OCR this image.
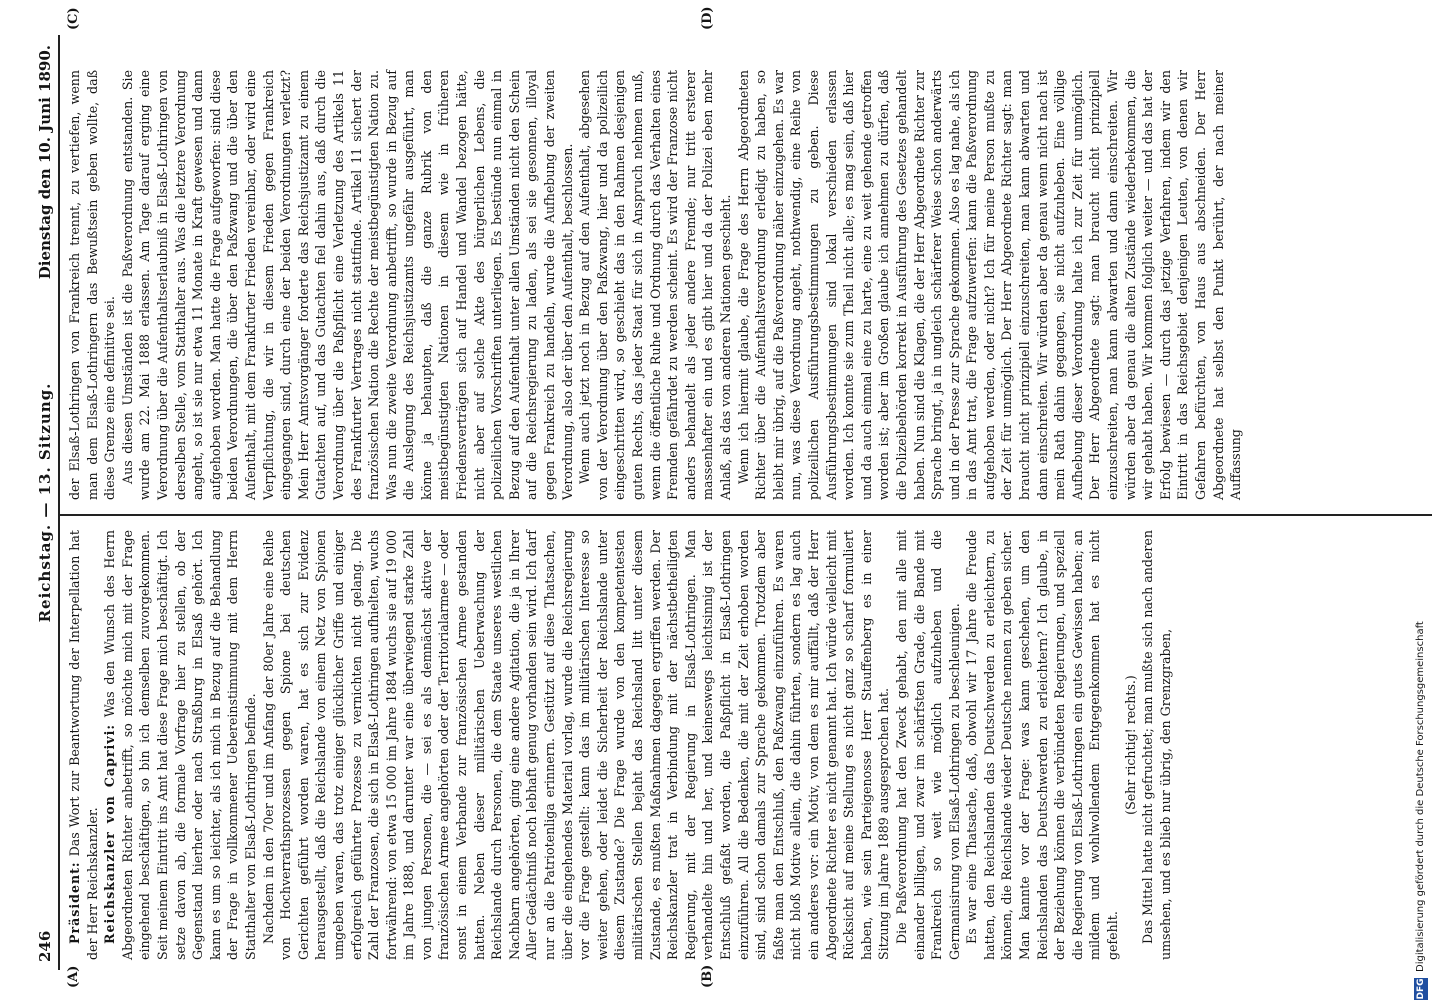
246
Reichstag. — 13. Sitzung.
Dienstag den 10. Juni 1890.
(A)	(B)
(C)	(D)

Präsident: Das Wort zur Beantwortung der Interpellation hat der Herr Reichskanzler. Reichskanzler von Caprivi: Was den Wunsch des Herrn Abgeordneten Richter anbetrifft, so möchte mich mit der Frage eingehend beschäftigen, so bin ich demselben zuvorgekommen. Seit meinem Eintritt ins Amt hat diese Frage mich beschäftigt. Ich setze davon ab, die formale Vorfrage hier zu stellen, ob der Gegenstand hierher oder nach Straßburg in Elsaß gehört. Ich kann es um so leichter, als ich mich in Bezug auf die Behandlung der Frage in vollkommener Uebereinstimmung mit dem Herrn Statthalter von Elsaß-Lothringen befinde. Nachdem in den 70er und im Anfang der 80er Jahre eine Reihe von Hochverrathsprozessen gegen Spione bei deutschen Gerichten geführt worden waren, hat es sich zur Evidenz herausgestellt, daß die Reichslande von einem Netz von Spionen umgeben waren, das trotz einiger glücklicher Griffe und einiger erfolgreich geführter Prozesse zu vernichten nicht gelang. Die Zahl der Franzosen, die sich in Elsaß-Lothringen aufhielten, wuchs fortwährend: von etwa 15 000 im Jahre 1884 wuchs sie auf 19 000 im Jahre 1888, und darunter war eine überwiegend starke Zahl von jungen Personen, die — sei es als demnächst aktive der französischen Armee angehörten oder der Territorialarmee — oder sonst in einem Verbande zur französischen Armee gestanden hatten. Neben dieser militärischen Ueberwachung der Reichslande durch Personen, die dem Staate unseres westlichen Nachbarn angehörten, ging eine andere Agitation, die ja in Ihrer Aller Gedächtniß noch lebhaft genug vorhanden sein wird. Ich darf nur an die Patriotenliga erinnern. Gestützt auf diese Thatsachen, über die eingehendes Material vorlag, wurde die Reichsregierung vor die Frage gestellt: kann das im militärischen Interesse so weiter gehen, oder leidet die Sicherheit der Reichslande unter diesem Zustande? Die Frage wurde von den kompetentesten militärischen Stellen bejaht das Reichsland litt unter diesem Zustande, es mußten Maßnahmen dagegen ergriffen werden. Der Reichskanzler trat in Verbindung mit der nächstbetheiligten Regierung, mit der Regierung in Elsaß-Lothringen. Man verhandelte hin und her, und keineswegs leichtsinnig ist der Entschluß gefaßt worden, die Paßpflicht in Elsaß-Lothringen einzuführen. All die Bedenken, die mit der Zeit erhoben worden sind, sind schon damals zur Sprache gekommen. Trotzdem aber faßte man den Entschluß, den Paßzwang einzuführen. Es waren nicht bloß Motive allein, die dahin führten, sondern es lag auch ein anderes vor: ein Motiv, von dem es mir auffällt, daß der Herr Abgeordnete Richter es nicht genannt hat. Ich würde vielleicht mit Rücksicht auf meine Stellung es nicht ganz so scharf formuliert haben, wie sein Parteigenosse Herr Stauffenberg es in einer Sitzung im Jahre 1889 ausgesprochen hat. Die Paßverordnung hat den Zweck gehabt, den mit alle mit einander billigen, und zwar im schärfsten Grade, die Bande mit Frankreich so weit wie möglich aufzuheben und die Germanisirung von Elsaß-Lothringen zu beschleunigen. Es war eine Thatsache, daß, obwohl wir 17 Jahre die Freude hatten, den Reichslanden das Deutschwerden zu erleichtern, zu können, die Reichslande wieder Deutsche nennen zu geben sicher. Man kannte vor der Frage: was kann geschehen, um den Reichslanden das Deutschwerden zu erleichtern? Ich glaube, in der Beziehung können die verbündeten Regierungen, und speziell die Regierung von Elsaß-Lothringen ein gutes Gewissen haben; an mildem und wohlwollendem Entgegenkommen hat es nicht gefehlt.

(Sehr richtig! rechts.) Das Mittel hatte nicht gefruchtet; man mußte sich nach anderen umsehen, und es blieb nur übrig, den Grenzgraben,

der Elsaß-Lothringen von Frankreich trennt, zu vertiefen, wenn man dem Elsaß-Lothringern das Bewußtsein geben wollte, daß diese Grenze eine definitive sei. Aus diesen Umständen ist die Paßverordnung entstanden. Sie wurde am 22. Mai 1888 erlassen. Am Tage darauf erging eine Verordnung über die Aufenthaltserlaubniß in Elsaß-Lothringen von derselben Stelle, vom Statthalter aus. Was die letztere Verordnung angeht, so ist sie nur etwa 11 Monate in Kraft gewesen und dann aufgehoben worden. Man hatte die Frage aufgeworfen: sind diese beiden Verordnungen, die über den Paßzwang und die über den Aufenthalt, mit dem Frankfurter Frieden vereinbar, oder wird eine Verpflichtung, die wir in diesem Frieden gegen Frankreich eingegangen sind, durch eine der beiden Verordnungen verletzt? Mein Herr Amtsvorgänger forderte das Reichsjustizamt zu einem Gutachten auf, und das Gutachten fiel dahin aus, daß durch die Verordnung über die Paßpflicht eine Verletzung des Artikels 11 des Frankfurter Vertrages nicht stattfinde. Artikel 11 sichert der französischen Nation die Rechte der meistbegünstigten Nation zu. Was nun die zweite Verordnung anbetrifft, so wurde in Bezug auf die Auslegung des Reichsjustizamts ungefähr ausgeführt, man könne ja behaupten, daß die ganze Rubrik von den meistbegünstigten Nationen in diesem wie in früheren Friedensverträgen sich auf Handel und Wandel bezogen hätte, nicht aber auf solche Akte des bürgerlichen Lebens, die polizeilichen Vorschriften unterliegen. Es bestünde nun einmal in Bezug auf den Aufenthalt unter allen Umständen nicht den Schein auf die Reichsregierung zu laden, als sei sie gesonnen, illoyal gegen Frankreich zu handeln, wurde die Aufhebung der zweiten Verordnung, also der über den Aufenthalt, beschlossen. Wenn auch jetzt noch in Bezug auf den Aufenthalt, abgesehen von der Verordnung über den Paßzwang, hier und da polizeilich eingeschritten wird, so geschieht das in den Rahmen desjenigen guten Rechts, das jeder Staat für sich in Anspruch nehmen muß, wenn die öffentliche Ruhe und Ordnung durch das Verhalten eines Fremden gefährdet zu werden scheint. Es wird der Franzose nicht anders behandelt als jeder andere Fremde; nur tritt ersterer massenhafter ein und es gibt hier und da der Polizei eben mehr Anlaß, als das von anderen Nationen geschieht. Wenn ich hiermit glaube, die Frage des Herrn Abgeordneten Richter über die Aufenthaltsverordnung erledigt zu haben, so bleibt mir übrig, auf die Paßverordnung näher einzugehen. Es war nun, was diese Verordnung angeht, nothwendig, eine Reihe von polizeilichen Ausführungsbestimmungen zu geben. Diese Ausführungsbestimmungen sind lokal verschieden erlassen worden. Ich konnte sie zum Theil nicht alle; es mag sein, daß hier und da auch einmal eine zu harte, eine zu weit gehende getroffen worden ist; aber im Großen glaube ich annehmen zu dürfen, daß die Polizeibehörden korrekt in Ausführung des Gesetzes gehandelt haben. Nun sind die Klagen, die der Herr Abgeordnete Richter zur Sprache bringt, ja in ungleich schärferer Weise schon anderwärts und in der Presse zur Sprache gekommen. Also es lag nahe, als ich in das Amt trat, die Frage aufzuwerfen: kann die Paßverordnung aufgehoben werden, oder nicht? Ich für meine Person mußte zu der Zeit für unmöglich. Der Herr Abgeordnete Richter sagt: man braucht nicht prinzipiell einzuschreiten, man kann abwarten und dann einschreiten. Wir würden aber da genau wenn nicht nach ist mein Rath dahin gegangen, sie nicht aufzuheben. Eine völlige Aufhebung dieser Verordnung halte ich zur Zeit für unmöglich. Der Herr Abgeordnete sagt: man braucht nicht prinzipiell einzuschreiten, man kann abwarten und dann einschreiten. Wir würden aber da genau die alten Zustände wiederbekommen, die wir gehabt haben. Wir kommen folglich weiter — und das hat der Erfolg bewiesen — durch das jetzige Verfahren, indem wir den Eintritt in das Reichsgebiet denjenigen Leuten, von denen wir Gefahren befürchten, von Haus aus abschneiden. Der Herr Abgeordnete hat selbst den Punkt berührt, der nach meiner Auffassung

DFG
Digitalisierung gefördert durch die Deutsche Forschungsgemeinschaft
